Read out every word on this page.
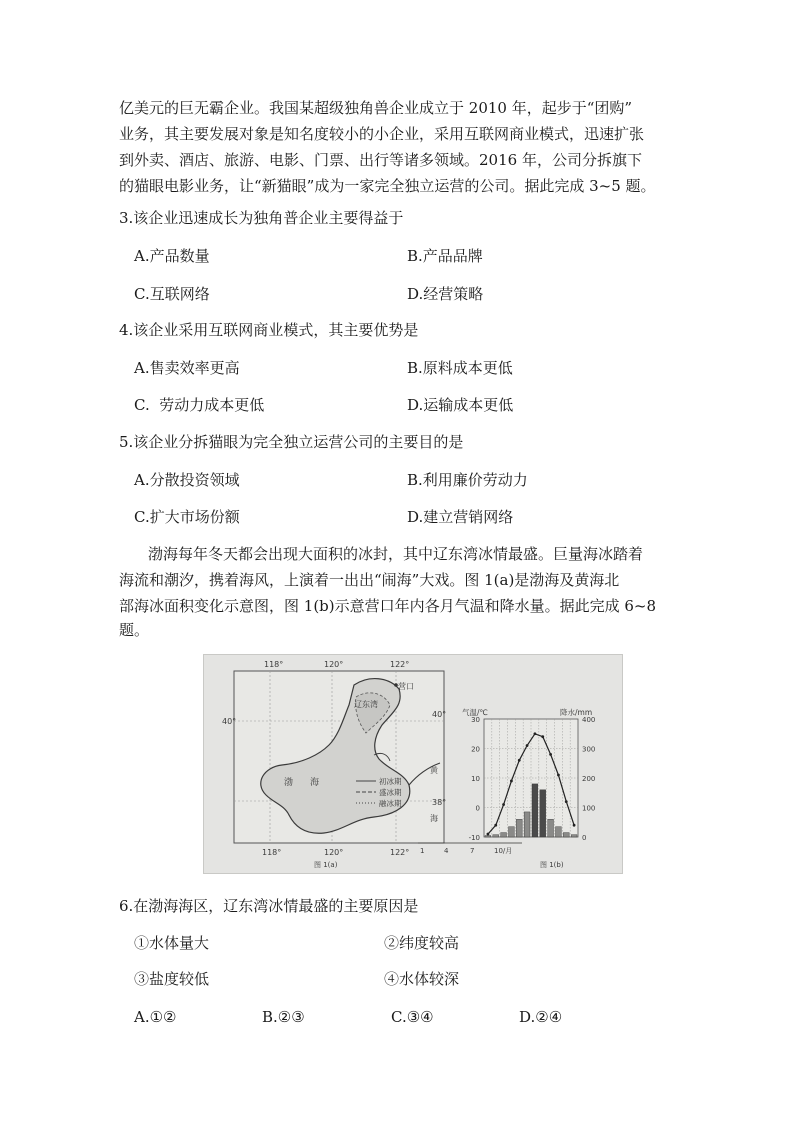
亿美元的巨无霸企业。我国某超级独角兽企业成立于 2010 年，起步于“团购”
业务，其主要发展对象是知名度较小的小企业，采用互联网商业模式，迅速扩张
到外卖、酒店、旅游、电影、门票、出行等诸多领域。2016 年，公司分拆旗下
的猫眼电影业务，让“新猫眼”成为一家完全独立运营的公司。据此完成 3~5 题。
3.该企业迅速成长为独角普企业主要得益于
A.产品数量	B.产品品牌
C.互联网络	D.经营策略
4.该企业采用互联网商业模式，其主要优势是
A.售卖效率更高	B.原料成本更低
C.  劳动力成本更低	D.运输成本更低
5.该企业分拆猫眼为完全独立运营公司的主要目的是
A.分散投资领域	B.利用廉价劳动力
C.扩大市场份额	D.建立营销网络
渤海每年冬天都会出现大面积的冰封，其中辽东湾冰情最盛。巨量海冰踏着
海流和潮汐，携着海风，上演着一出出“闹海”大戏。图 1(a)是渤海及黄海北
部海冰面积变化示意图，图 1(b)示意营口年内各月气温和降水量。据此完成 6~8
题。
118°	120°	122°
118°	120°	122°
40°
40°
38°
营口
辽东湾
渤 海
黄
海
初冰期
盛冰期
融冰期
图 1(a)
1	4	7	10/月
气温/℃	降水/mm
30
20
10
0
-10
400
300
200
100
0
图 1(b)
6.在渤海海区，辽东湾冰情最盛的主要原因是
①水体量大	②纬度较高
③盐度较低	④水体较深
A.①②	B.②③	C.③④	D.②④
